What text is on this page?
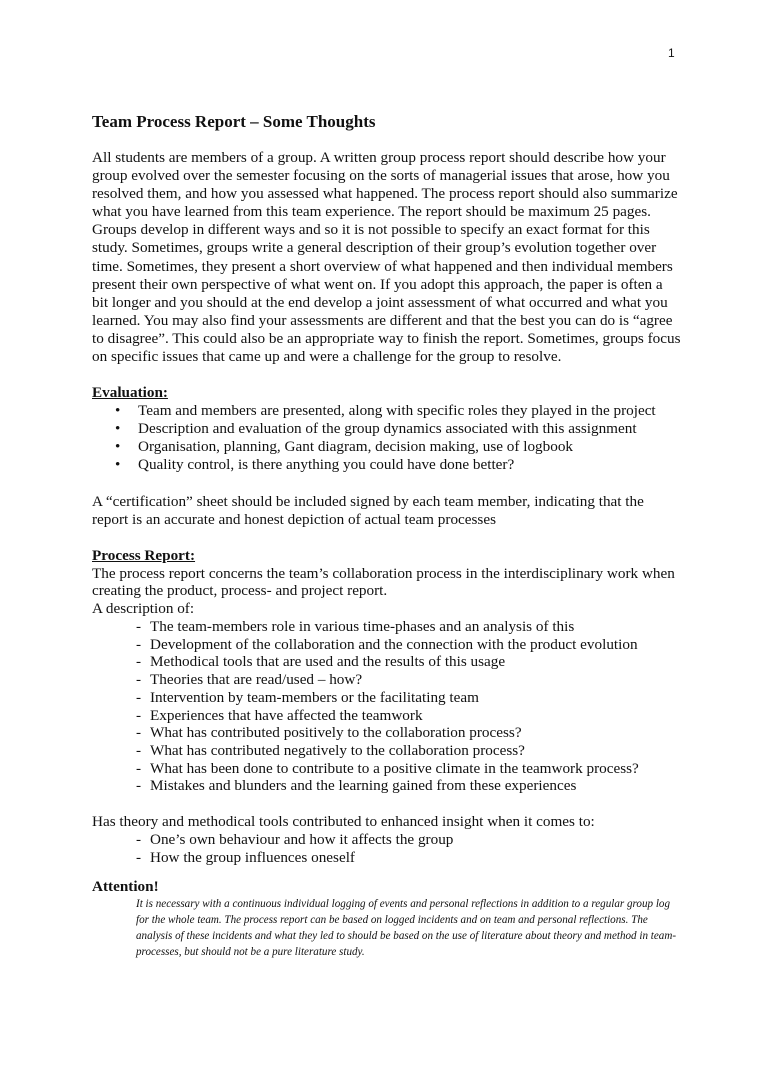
1
Team Process Report – Some Thoughts

All students are members of a group. A written group process report should describe how your group evolved over the semester focusing on the sorts of managerial issues that arose, how you resolved them, and how you assessed what happened. The process report should also summarize what you have learned from this team experience. The report should be maximum 25 pages. Groups develop in different ways and so it is not possible to specify an exact format for this study. Sometimes, groups write a general description of their group’s evolution together over time. Sometimes, they present a short overview of what happened and then individual members present their own perspective of what went on. If you adopt this approach, the paper is often a bit longer and you should at the end develop a joint assessment of what occurred and what you learned. You may also find your assessments are different and that the best you can do is “agree to disagree”. This could also be an appropriate way to finish the report. Sometimes, groups focus on specific issues that came up and were a challenge for the group to resolve.

Evaluation:

• Team and members are presented, along with specific roles they played in the project
• Description and evaluation of the group dynamics associated with this assignment
• Organisation, planning, Gant diagram, decision making, use of logbook
• Quality control, is there anything you could have done better?

A “certification” sheet should be included signed by each team member, indicating that the report is an accurate and honest depiction of actual team processes

Process Report:

The process report concerns the team’s collaboration process in the interdisciplinary work when creating the product, process- and project report.

A description of:

- The team-members role in various time-phases and an analysis of this
- Development of the collaboration and the connection with the product evolution
- Methodical tools that are used and the results of this usage
- Theories that are read/used – how?
- Intervention by team-members or the facilitating team
- Experiences that have affected the teamwork
- What has contributed positively to the collaboration process?
- What has contributed negatively to the collaboration process?
- What has been done to contribute to a positive climate in the teamwork process?
- Mistakes and blunders and the learning gained from these experiences

Has theory and methodical tools contributed to enhanced insight when it comes to:

- One’s own behaviour and how it affects the group
- How the group influences oneself

Attention!

It is necessary with a continuous individual logging of events and personal reflections in addition to a regular group log for the whole team. The process report can be based on logged incidents and on team and personal reflections. The analysis of these incidents and what they led to should be based on the use of literature about theory and method in team-processes, but should not be a pure literature study.
